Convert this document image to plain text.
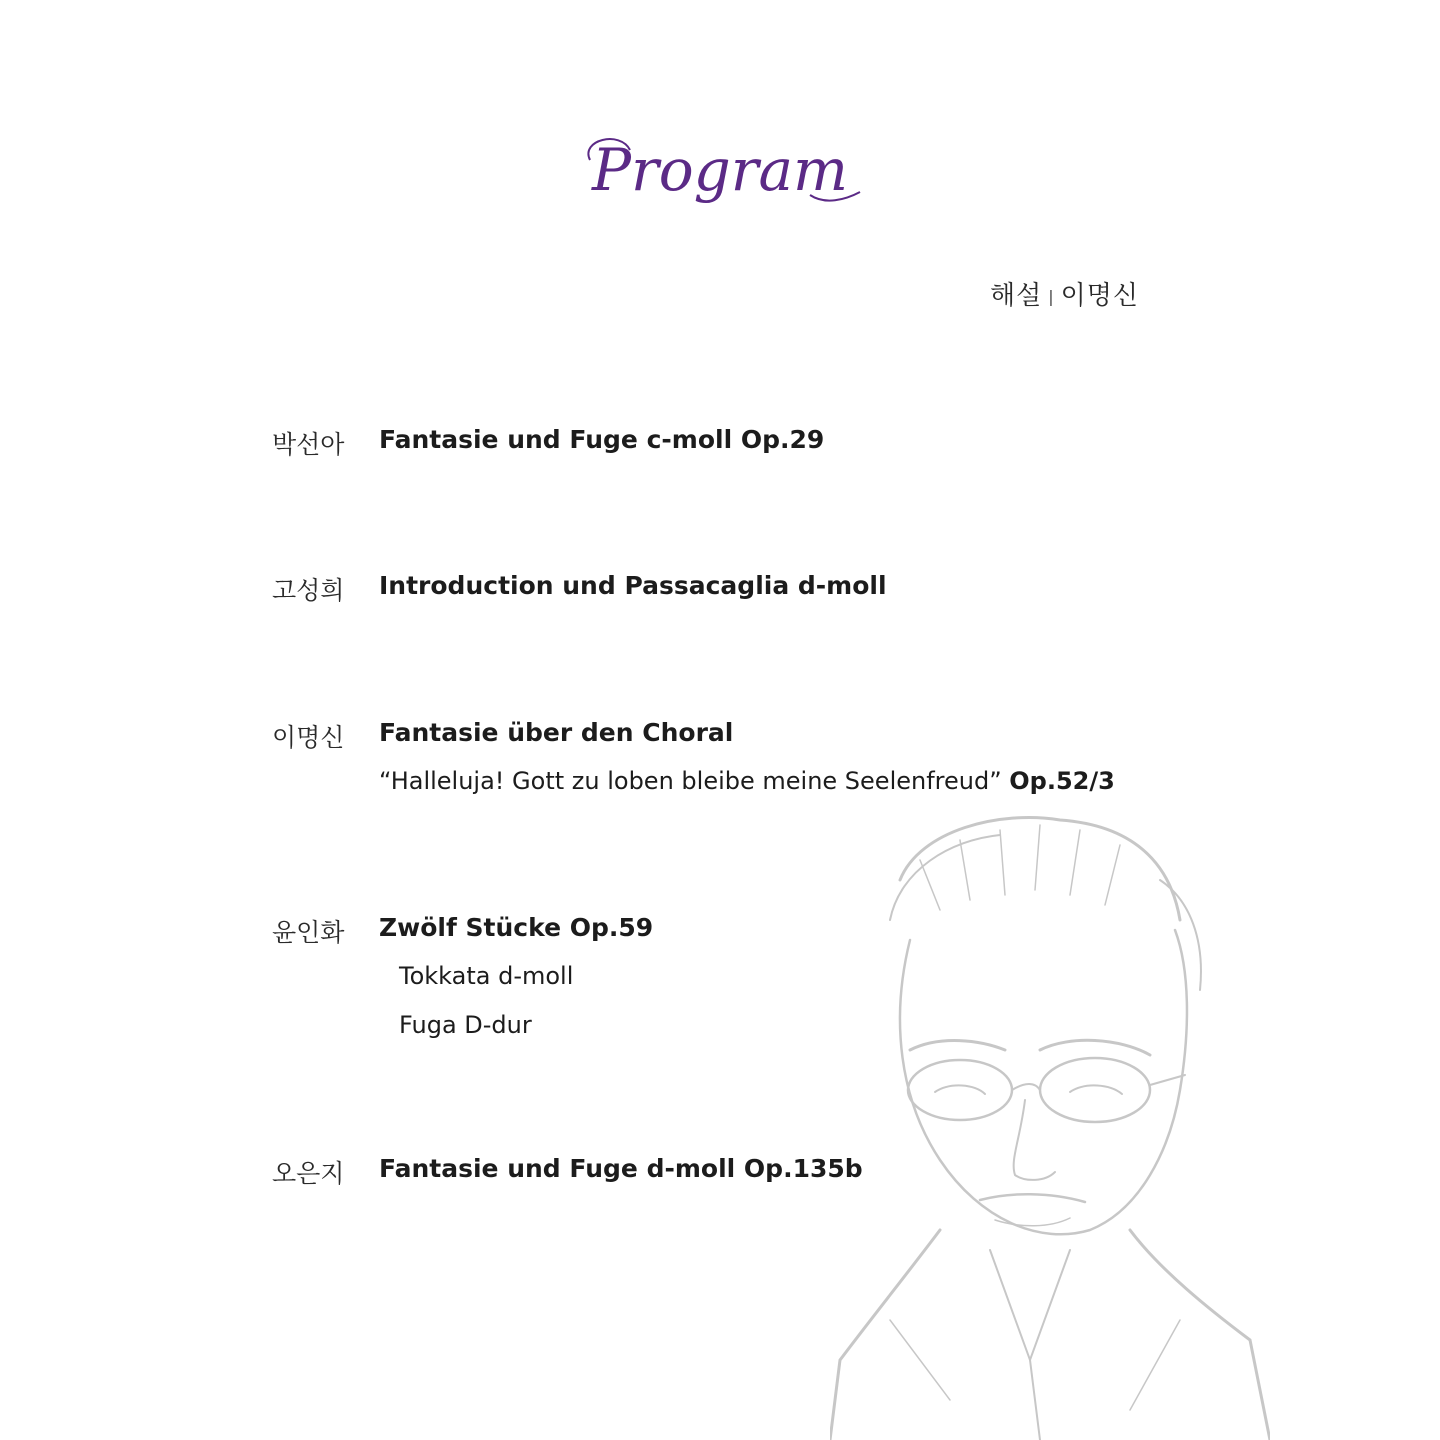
Program
해설 | 이명신
박선아	Fantasie und Fuge c-moll Op.29
고성희	Introduction und Passacaglia d-moll
이명신	Fantasie über den Choral
“Halleluja! Gott zu loben bleibe meine Seelenfreud” Op.52/3
윤인화	Zwölf Stücke Op.59
Tokkata d-moll
Fuga D-dur
오은지	Fantasie und Fuge d-moll Op.135b
